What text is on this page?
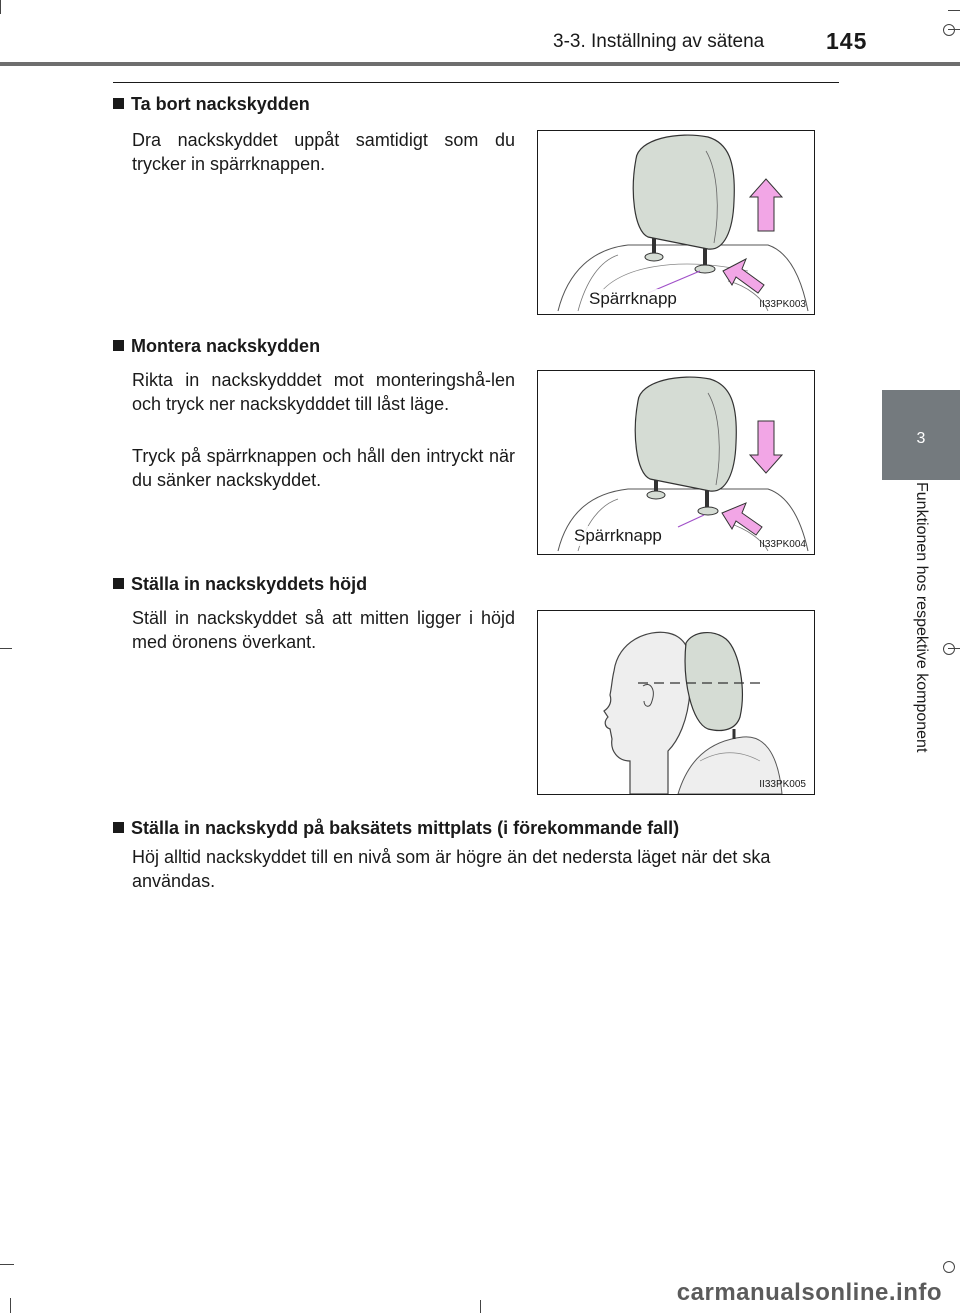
3-3. Inställning av sätena	145
3
Funktionen hos respektive komponent
Ta bort nackskydden
Dra nackskyddet uppåt samtidigt som du trycker in spärrknappen.
Spärrknapp	II33PK003
Montera nackskydden
Rikta in nackskydddet mot monteringshå-len och tryck ner nackskydddet till låst läge.
Tryck på spärrknappen och håll den intryckt när du sänker nackskyddet.
Spärrknapp	II33PK004
Ställa in nackskyddets höjd
Ställ in nackskyddet så att mitten ligger i höjd med öronens överkant.
II33PK005
Ställa in nackskydd på baksätets mittplats (i förekommande fall)
Höj alltid nackskyddet till en nivå som är högre än det nedersta läget när det ska användas.
carmanualsonline.info
